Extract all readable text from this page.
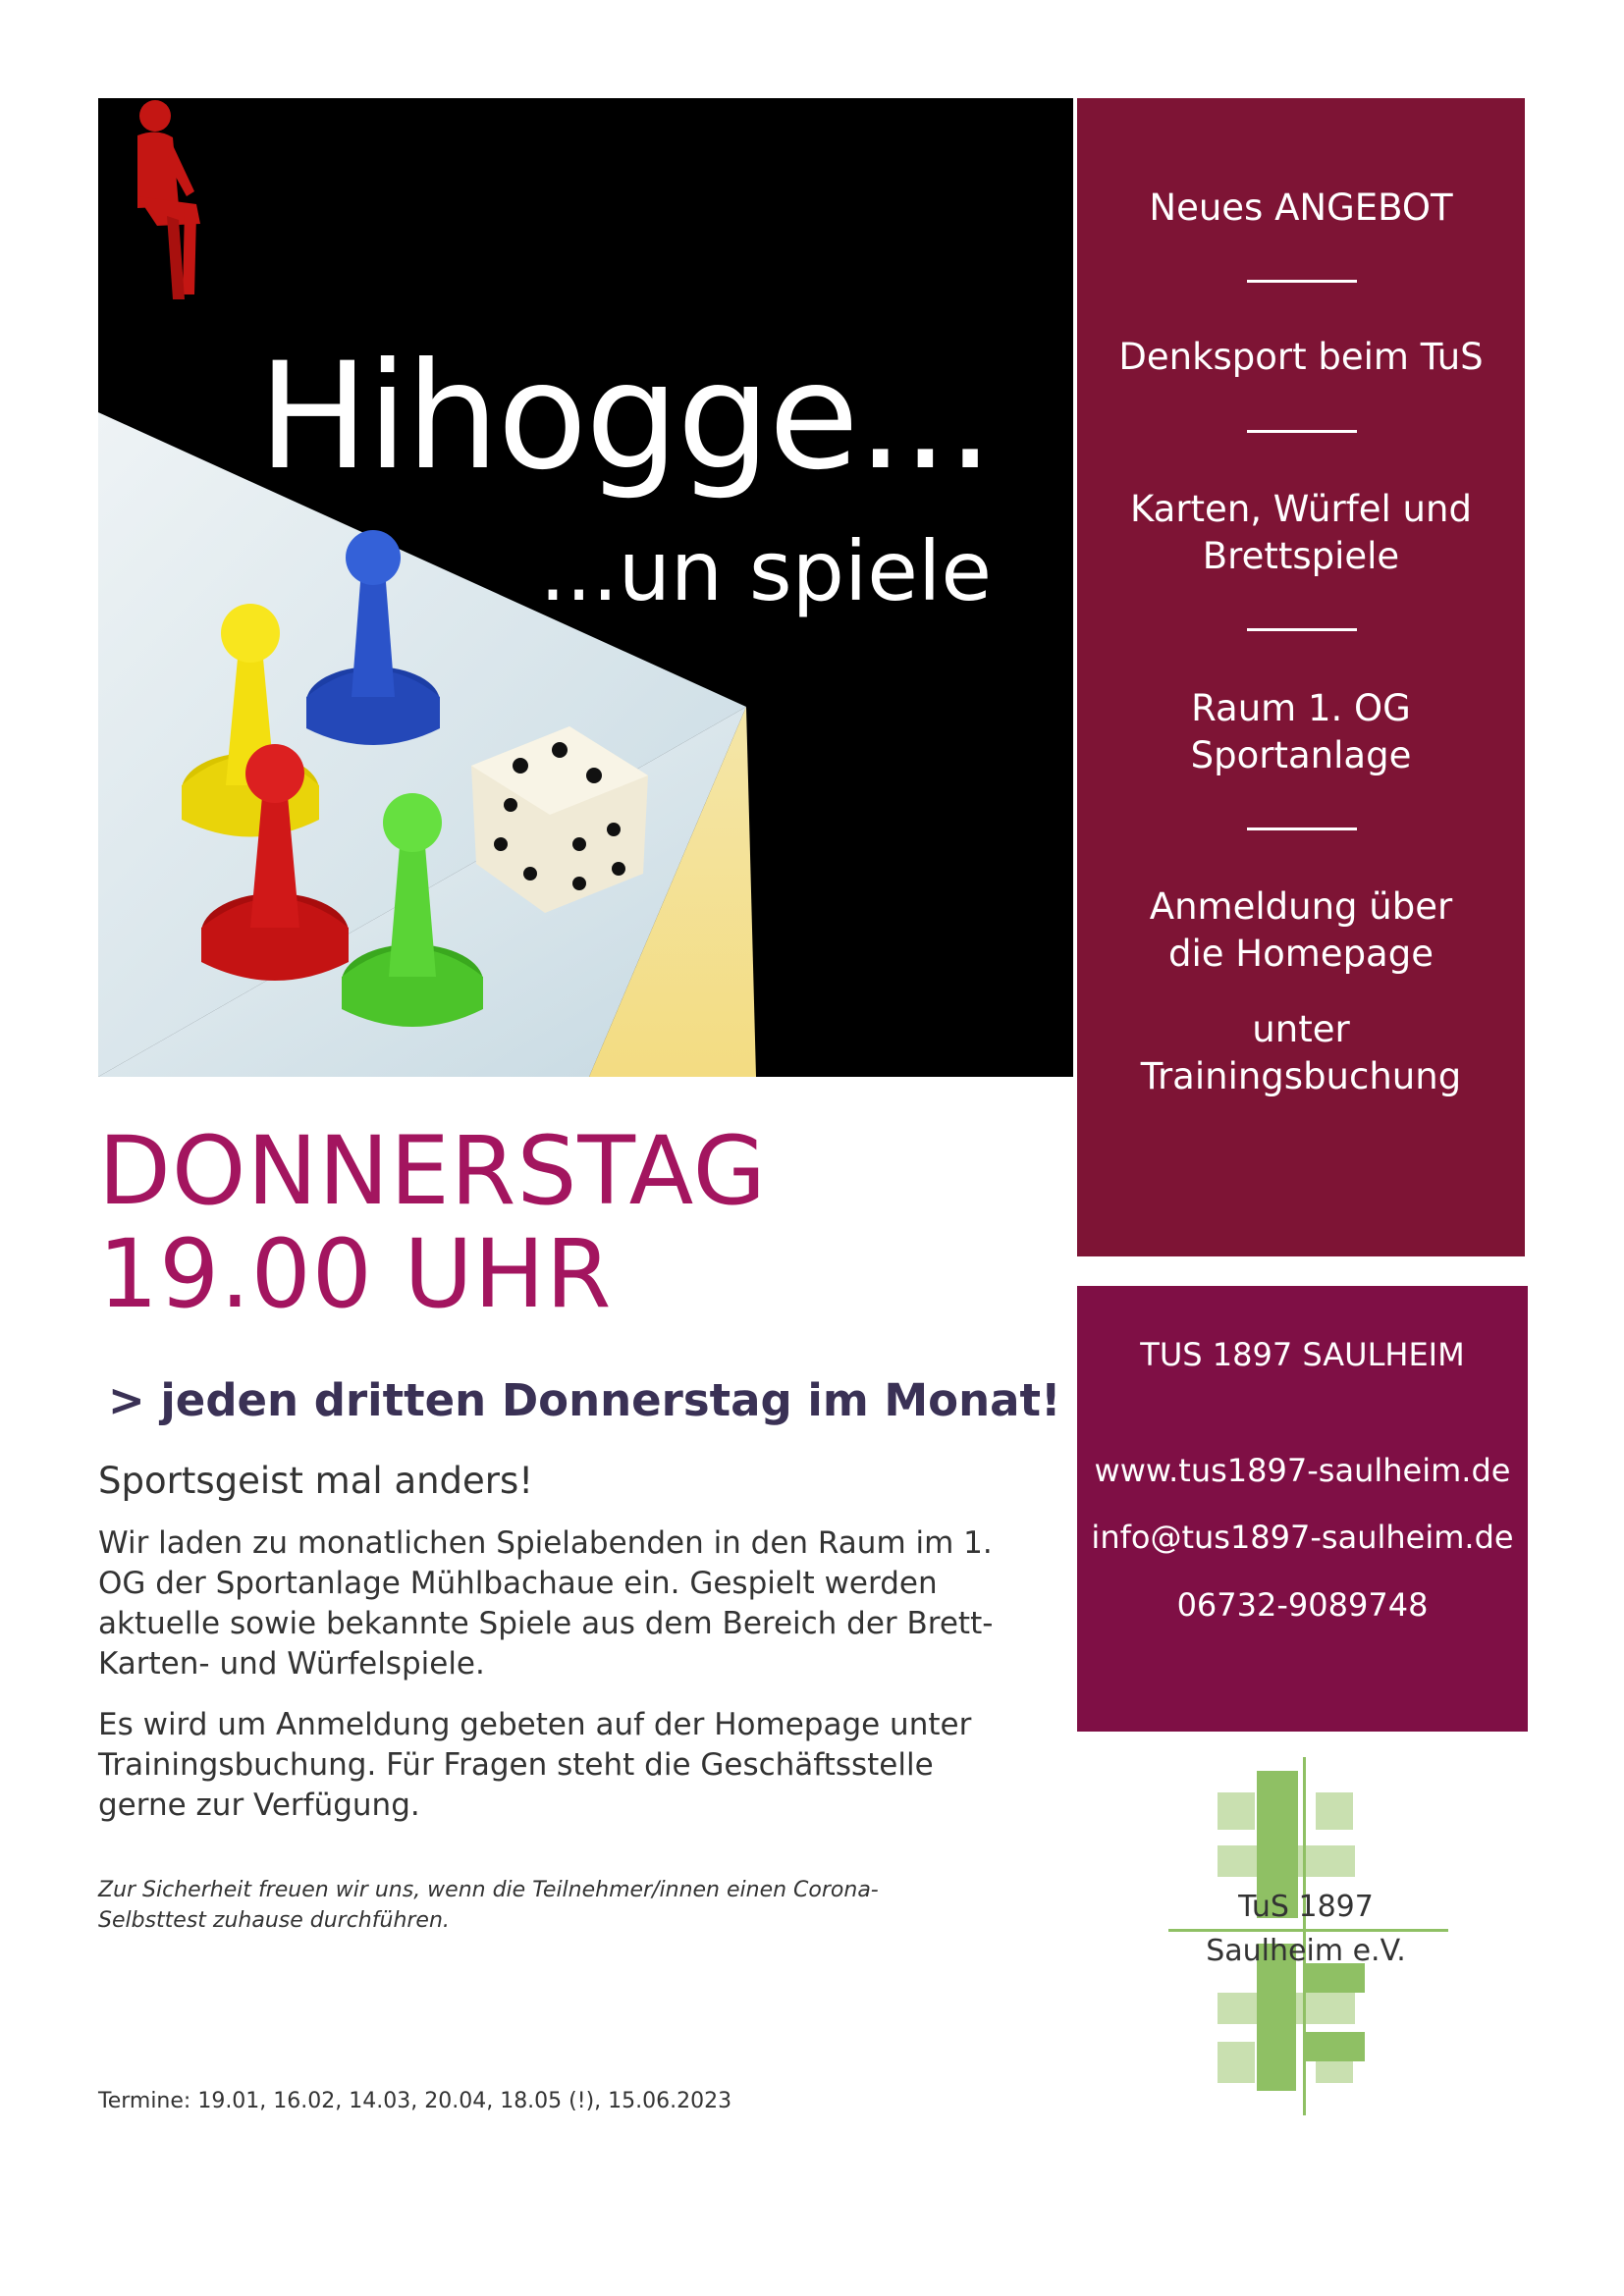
Hihogge...
...un spiele
Neues ANGEBOT
Denksport beim TuS
Karten, Würfel und
Brettspiele
Raum 1. OG
Sportanlage
Anmeldung über
die Homepage
unter
Trainingsbuchung
TUS 1897 SAULHEIM
www.tus1897-saulheim.de
info@tus1897-saulheim.de
06732-9089748
DONNERSTAG
19.00 UHR
> jeden dritten Donnerstag im Monat!
Sportsgeist mal anders!
Wir laden zu monatlichen Spielabenden in den Raum im 1.
OG der Sportanlage Mühlbachaue ein. Gespielt werden
aktuelle sowie bekannte Spiele aus dem Bereich der Brett-
Karten- und Würfelspiele.
Es wird um Anmeldung gebeten auf der Homepage unter
Trainingsbuchung. Für Fragen steht die Geschäftsstelle
gerne zur Verfügung.
Zur Sicherheit freuen wir uns, wenn die Teilnehmer/innen einen Corona-
Selbsttest zuhause durchführen.
Termine: 19.01, 16.02, 14.03, 20.04, 18.05 (!), 15.06.2023
TuS 1897
Saulheim e.V.
